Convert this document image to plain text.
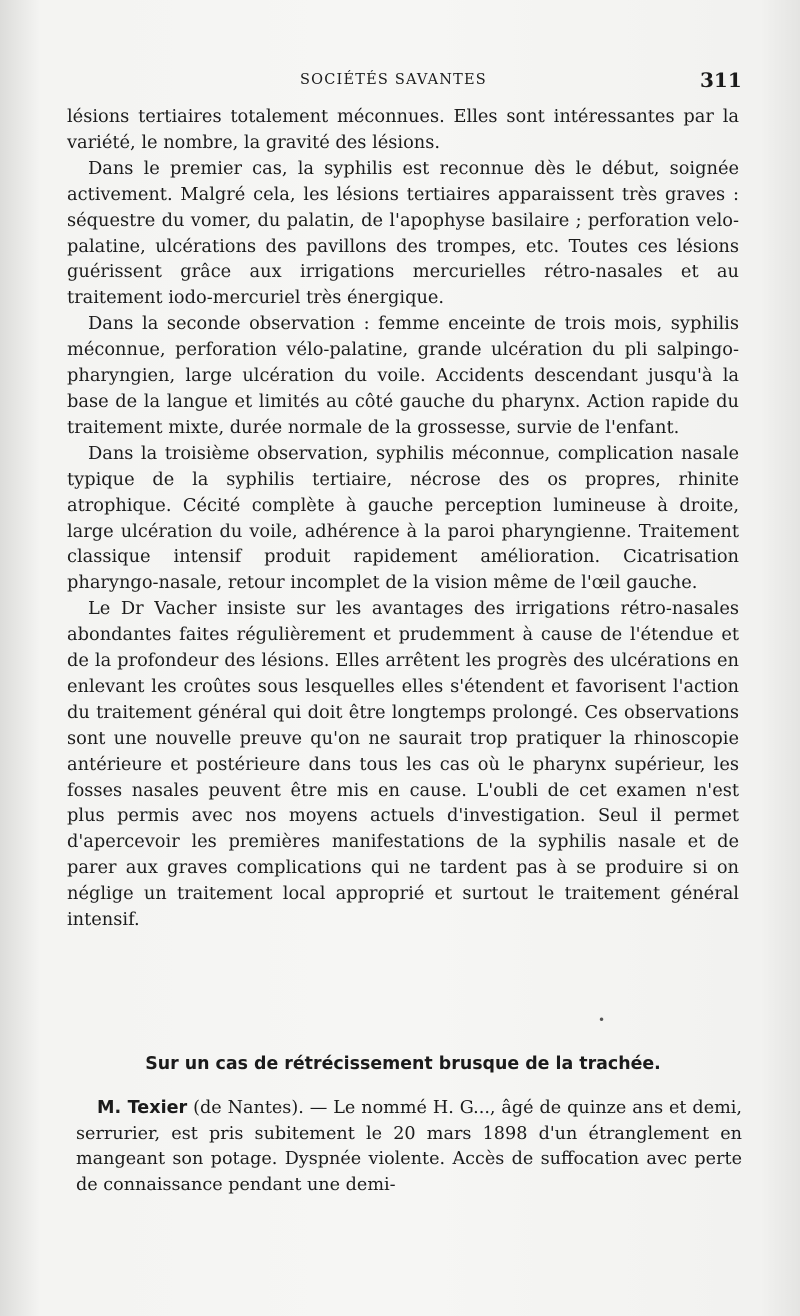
SOCIÉTÉS SAVANTES	311

lésions tertiaires totalement méconnues. Elles sont intéressantes par la variété, le nombre, la gravité des lésions.

Dans le premier cas, la syphilis est reconnue dès le début, soignée activement. Malgré cela, les lésions tertiaires apparaissent très graves : séquestre du vomer, du palatin, de l'apophyse basilaire ; perforation velo-palatine, ulcérations des pavillons des trompes, etc. Toutes ces lésions guérissent grâce aux irrigations mercurielles rétro-nasales et au traitement iodo-mercuriel très énergique.

Dans la seconde observation : femme enceinte de trois mois, syphilis méconnue, perforation vélo-palatine, grande ulcération du pli salpingo-pharyngien, large ulcération du voile. Accidents descendant jusqu'à la base de la langue et limités au côté gauche du pharynx. Action rapide du traitement mixte, durée normale de la grossesse, survie de l'enfant.

Dans la troisième observation, syphilis méconnue, complication nasale typique de la syphilis tertiaire, nécrose des os propres, rhinite atrophique. Cécité complète à gauche perception lumineuse à droite, large ulcération du voile, adhérence à la paroi pharyngienne. Traitement classique intensif produit rapidement amélioration. Cicatrisation pharyngo-nasale, retour incomplet de la vision même de l'œil gauche.

Le Dr Vacher insiste sur les avantages des irrigations rétro-nasales abondantes faites régulièrement et prudemment à cause de l'étendue et de la profondeur des lésions. Elles arrêtent les progrès des ulcérations en enlevant les croûtes sous lesquelles elles s'étendent et favorisent l'action du traitement général qui doit être longtemps prolongé. Ces observations sont une nouvelle preuve qu'on ne saurait trop pratiquer la rhinoscopie antérieure et postérieure dans tous les cas où le pharynx supérieur, les fosses nasales peuvent être mis en cause. L'oubli de cet examen n'est plus permis avec nos moyens actuels d'investigation. Seul il permet d'apercevoir les premières manifestations de la syphilis nasale et de parer aux graves complications qui ne tardent pas à se produire si on néglige un traitement local approprié et surtout le traitement général intensif.

•
Sur un cas de rétrécissement brusque de la trachée.

M. Texier (de Nantes). — Le nommé H. G..., âgé de quinze ans et demi, serrurier, est pris subitement le 20 mars 1898 d'un étranglement en mangeant son potage. Dyspnée violente. Accès de suffocation avec perte de connaissance pendant une demi-
